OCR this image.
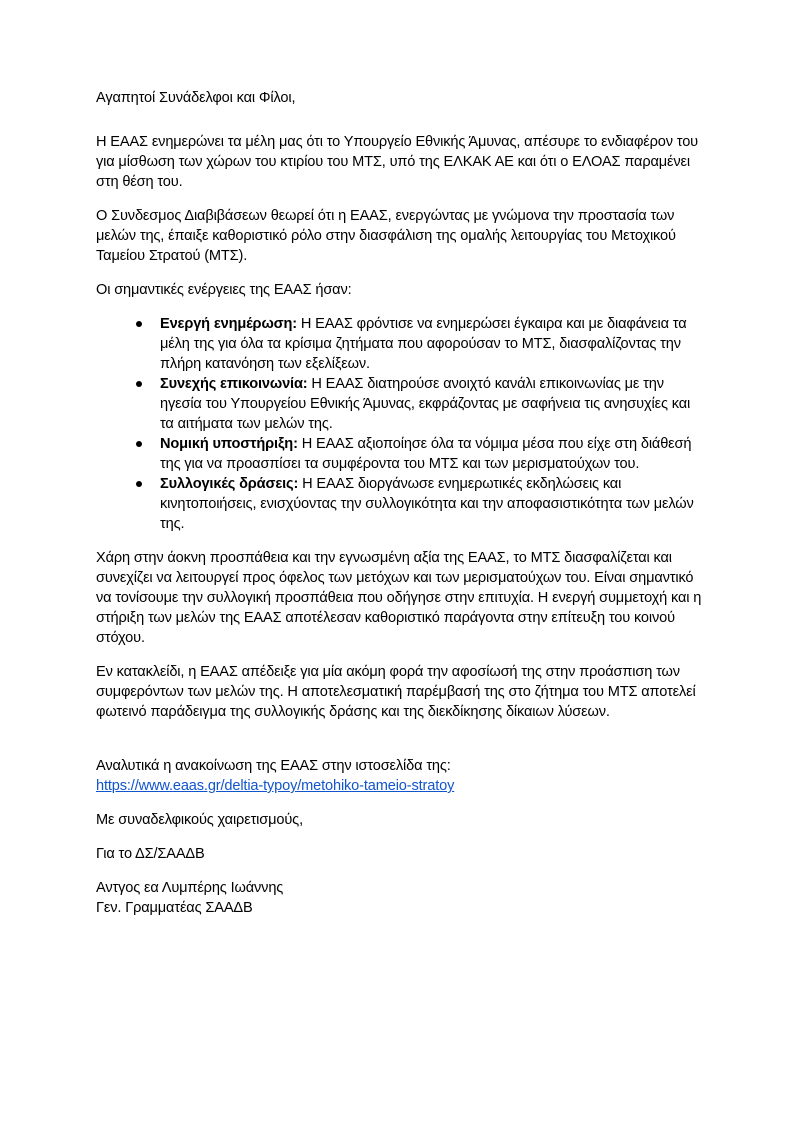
Αγαπητοί Συνάδελφοι και Φίλοι,

Η ΕΑΑΣ ενημερώνει τα μέλη μας ότι το Υπουργείο Εθνικής Άμυνας, απέσυρε το ενδιαφέρον του για μίσθωση των χώρων του κτιρίου του ΜΤΣ, υπό της ΕΛΚΑΚ ΑΕ και ότι ο ΕΛΟΑΣ παραμένει στη θέση του.

Ο Συνδεσμος Διαβιβάσεων θεωρεί ότι η ΕΑΑΣ, ενεργώντας με γνώμονα την προστασία των μελών της, έπαιξε καθοριστικό ρόλο στην διασφάλιση της ομαλής λειτουργίας του Μετοχικού Ταμείου Στρατού (ΜΤΣ).

Οι σημαντικές ενέργειες της ΕΑΑΣ ήσαν:

Ενεργή ενημέρωση: Η ΕΑΑΣ φρόντισε να ενημερώσει έγκαιρα και με διαφάνεια τα μέλη της για όλα τα κρίσιμα ζητήματα που αφορούσαν το ΜΤΣ, διασφαλίζοντας την πλήρη κατανόηση των εξελίξεων.
Συνεχής επικοινωνία: Η ΕΑΑΣ διατηρούσε ανοιχτό κανάλι επικοινωνίας με την ηγεσία του Υπουργείου Εθνικής Άμυνας, εκφράζοντας με σαφήνεια τις ανησυχίες και τα αιτήματα των μελών της.
Νομική υποστήριξη: Η ΕΑΑΣ αξιοποίησε όλα τα νόμιμα μέσα που είχε στη διάθεσή της για να προασπίσει τα συμφέροντα του ΜΤΣ και των μερισματούχων του.
Συλλογικές δράσεις: Η ΕΑΑΣ διοργάνωσε ενημερωτικές εκδηλώσεις και κινητοποιήσεις, ενισχύοντας την συλλογικότητα και την αποφασιστικότητα των μελών της.

Χάρη στην άοκνη προσπάθεια και την εγνωσμένη αξία της ΕΑΑΣ, το ΜΤΣ διασφαλίζεται και συνεχίζει να λειτουργεί προς όφελος των μετόχων και των μερισματούχων του. Είναι σημαντικό να τονίσουμε την συλλογική προσπάθεια που οδήγησε στην επιτυχία. Η ενεργή συμμετοχή και η στήριξη των μελών της ΕΑΑΣ αποτέλεσαν καθοριστικό παράγοντα στην επίτευξη του κοινού στόχου.

Εν κατακλείδι, η ΕΑΑΣ απέδειξε για μία ακόμη φορά την αφοσίωσή της στην προάσπιση των συμφερόντων των μελών της. Η αποτελεσματική παρέμβασή της στο ζήτημα του ΜΤΣ αποτελεί φωτεινό παράδειγμα της συλλογικής δράσης και της διεκδίκησης δίκαιων λύσεων.

Αναλυτικά η ανακοίνωση της ΕΑΑΣ στην ιστοσελίδα της:

https://www.eaas.gr/deltia-typoy/metohiko-tameio-stratoy

Με συναδελφικούς χαιρετισμούς,

Για το ΔΣ/ΣΑΑΔΒ

Αντγος εα Λυμπέρης Ιωάννης

Γεν. Γραμματέας ΣΑΑΔΒ
